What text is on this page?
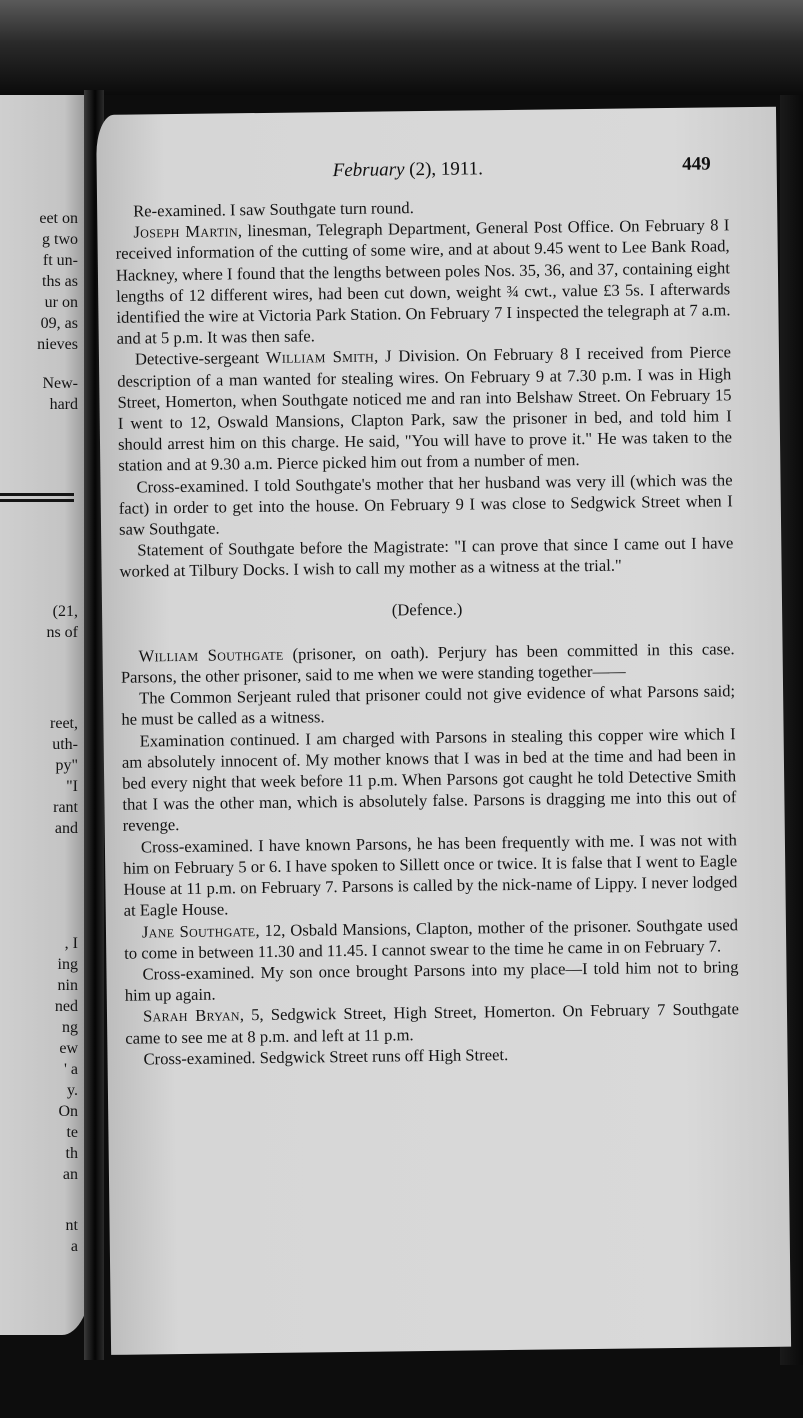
eet on
g two
ft un-
ths as
ur on
09, as
nieves
New-
hard
(21,
ns of
reet,
uth-
py"
"I
rant
and
, I
ing
nin
ned
ng
ew
' a
y.
On
te
th
an
nt
a
February (2), 1911.	449

Re-examined. I saw Southgate turn round.

Joseph Martin, linesman, Telegraph Department, General Post Office. On February 8 I received information of the cutting of some wire, and at about 9.45 went to Lee Bank Road, Hackney, where I found that the lengths between poles Nos. 35, 36, and 37, containing eight lengths of 12 different wires, had been cut down, weight ¾ cwt., value £3 5s. I afterwards identified the wire at Victoria Park Station. On February 7 I inspected the telegraph at 7 a.m. and at 5 p.m. It was then safe.

Detective-sergeant William Smith, J Division. On February 8 I received from Pierce description of a man wanted for stealing wires. On February 9 at 7.30 p.m. I was in High Street, Homerton, when Southgate noticed me and ran into Belshaw Street. On February 15 I went to 12, Oswald Mansions, Clapton Park, saw the prisoner in bed, and told him I should arrest him on this charge. He said, "You will have to prove it." He was taken to the station and at 9.30 a.m. Pierce picked him out from a number of men.

Cross-examined. I told Southgate's mother that her husband was very ill (which was the fact) in order to get into the house. On February 9 I was close to Sedgwick Street when I saw Southgate.

Statement of Southgate before the Magistrate: "I can prove that since I came out I have worked at Tilbury Docks. I wish to call my mother as a witness at the trial."

(Defence.)

William Southgate (prisoner, on oath). Perjury has been committed in this case. Parsons, the other prisoner, said to me when we were standing together——

The Common Serjeant ruled that prisoner could not give evidence of what Parsons said; he must be called as a witness.

Examination continued. I am charged with Parsons in stealing this copper wire which I am absolutely innocent of. My mother knows that I was in bed at the time and had been in bed every night that week before 11 p.m. When Parsons got caught he told Detective Smith that I was the other man, which is absolutely false. Parsons is dragging me into this out of revenge.

Cross-examined. I have known Parsons, he has been frequently with me. I was not with him on February 5 or 6. I have spoken to Sillett once or twice. It is false that I went to Eagle House at 11 p.m. on February 7. Parsons is called by the nick-name of Lippy. I never lodged at Eagle House.

Jane Southgate, 12, Osbald Mansions, Clapton, mother of the prisoner. Southgate used to come in between 11.30 and 11.45. I cannot swear to the time he came in on February 7.

Cross-examined. My son once brought Parsons into my place—I told him not to bring him up again.

Sarah Bryan, 5, Sedgwick Street, High Street, Homerton. On February 7 Southgate came to see me at 8 p.m. and left at 11 p.m.

Cross-examined. Sedgwick Street runs off High Street.
